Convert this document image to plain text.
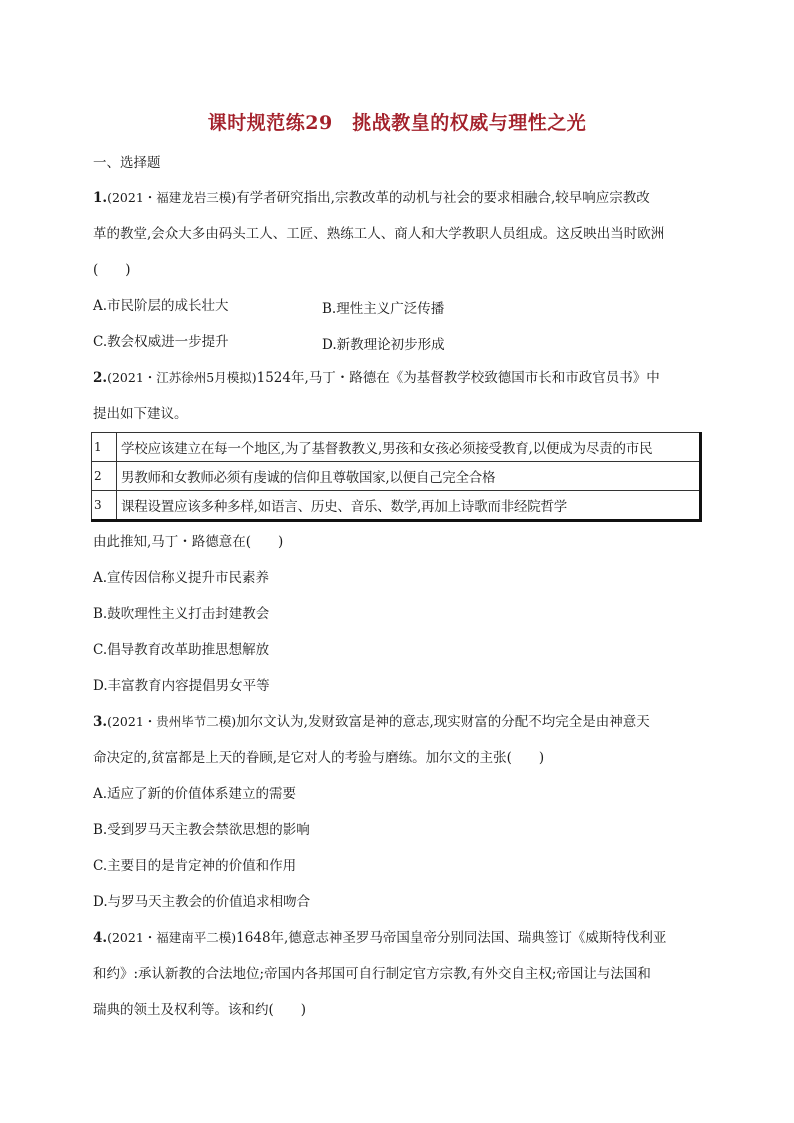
课时规范练29　挑战教皇的权威与理性之光
一、选择题
1.(2021・福建龙岩三模)有学者研究指出,宗教改革的动机与社会的要求相融合,较早响应宗教改
革的教堂,会众大多由码头工人、工匠、熟练工人、商人和大学教职人员组成。这反映出当时欧洲
(　　)
A.市民阶层的成长壮大	B.理性主义广泛传播
C.教会权威进一步提升	D.新教理论初步形成
2.(2021・江苏徐州5月模拟)1524年,马丁・路德在《为基督教学校致德国市长和市政官员书》中
提出如下建议。
1	学校应该建立在每一个地区,为了基督教教义,男孩和女孩必须接受教育,以便成为尽责的市民
2	男教师和女教师必须有虔诚的信仰且尊敬国家,以便自己完全合格
3	课程设置应该多种多样,如语言、历史、音乐、数学,再加上诗歌而非经院哲学
由此推知,马丁・路德意在(　　)
A.宣传因信称义提升市民素养
B.鼓吹理性主义打击封建教会
C.倡导教育改革助推思想解放
D.丰富教育内容提倡男女平等
3.(2021・贵州毕节二模)加尔文认为,发财致富是神的意志,现实财富的分配不均完全是由神意天
命决定的,贫富都是上天的眷顾,是它对人的考验与磨练。加尔文的主张(　　)
A.适应了新的价值体系建立的需要
B.受到罗马天主教会禁欲思想的影响
C.主要目的是肯定神的价值和作用
D.与罗马天主教会的价值追求相吻合
4.(2021・福建南平二模)1648年,德意志神圣罗马帝国皇帝分别同法国、瑞典签订《威斯特伐利亚
和约》:承认新教的合法地位;帝国内各邦国可自行制定官方宗教,有外交自主权;帝国让与法国和
瑞典的领土及权利等。该和约(　　)
